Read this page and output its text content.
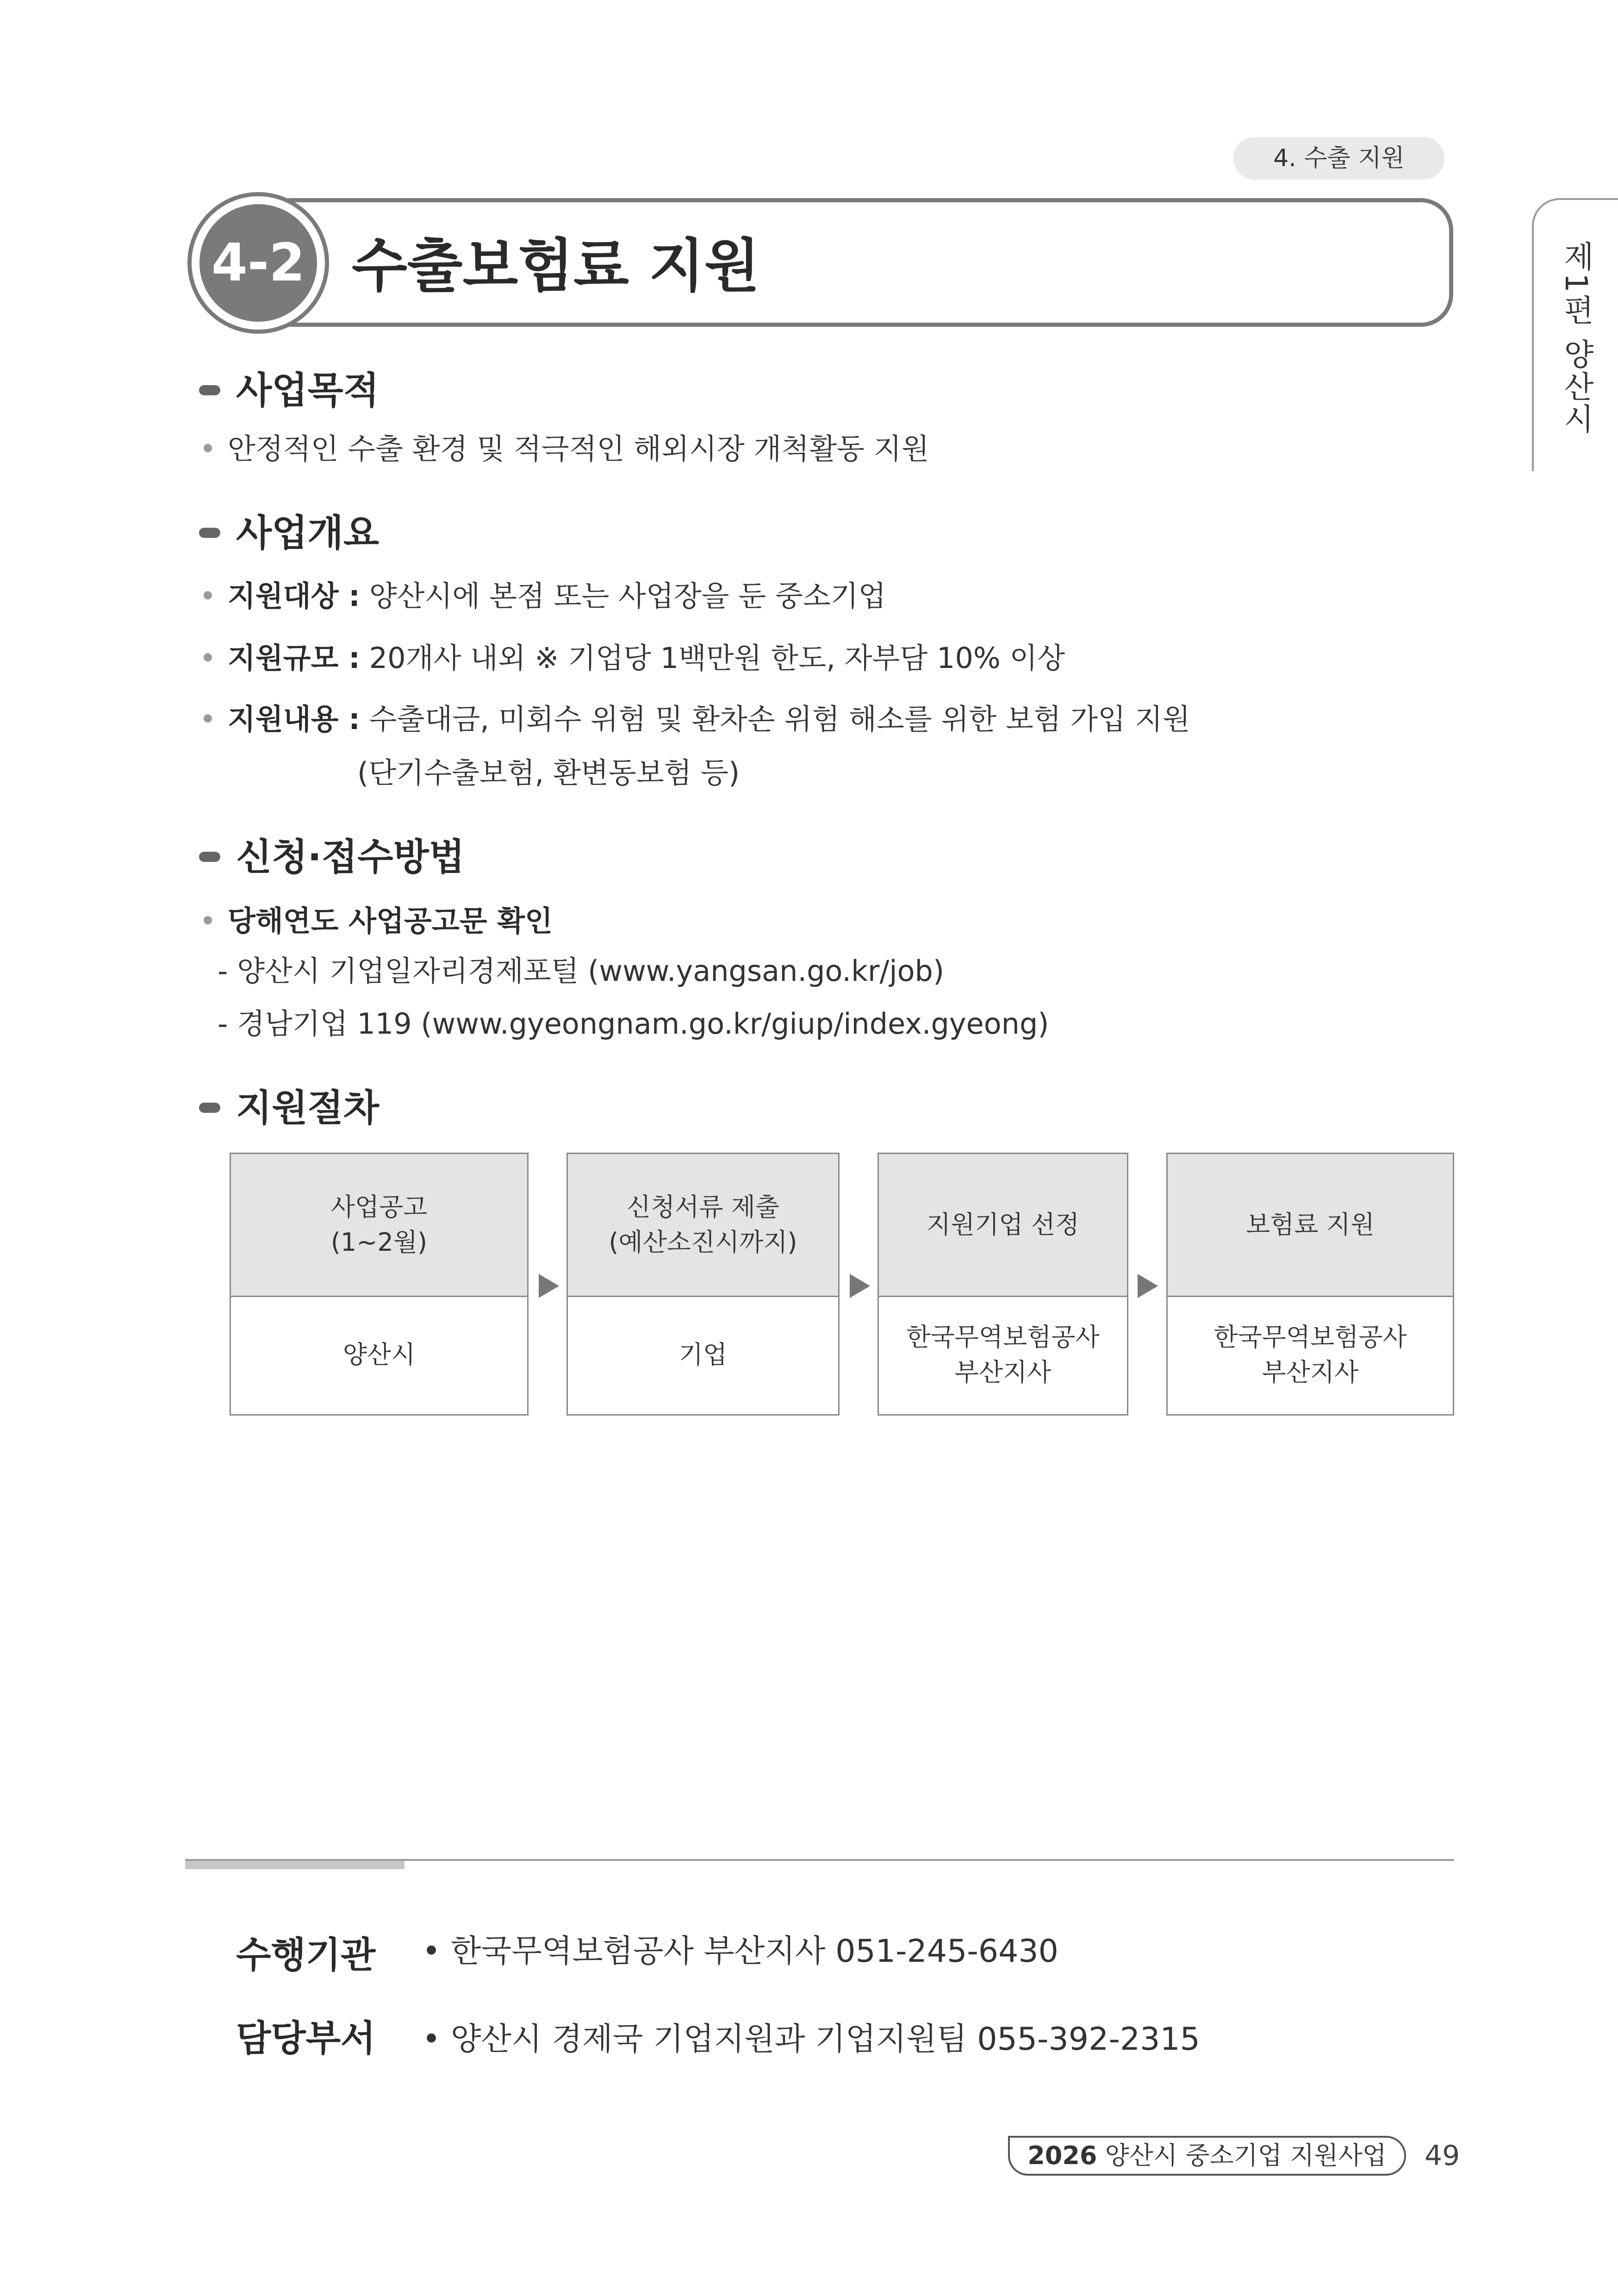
4. 수출 지원
4-2 수출보험료 지원	제1편 양산시
사업목적
안정적인 수출 환경 및 적극적인 해외시장 개척활동 지원
사업개요
지원대상 : 양산시에 본점 또는 사업장을 둔 중소기업
지원규모 : 20개사 내외 ※ 기업당 1백만원 한도, 자부담 10% 이상
지원내용 : 수출대금, 미회수 위험 및 환차손 위험 해소를 위한 보험 가입 지원
(단기수출보험, 환변동보험 등)
신청·접수방법
당해연도 사업공고문 확인
- 양산시 기업일자리경제포털 (www.yangsan.go.kr/job)
- 경남기업 119 (www.gyeongnam.go.kr/giup/index.gyeong)
지원절차
사업공고
(1~2월)
양산시
신청서류 제출
(예산소진시까지)
기업
지원기업 선정
한국무역보험공사
부산지사
보험료 지원
한국무역보험공사
부산지사
수행기관 • 한국무역보험공사 부산지사 051-245-6430
담당부서 • 양산시 경제국 기업지원과 기업지원팀 055-392-2315
2026 양산시 중소기업 지원사업	49
